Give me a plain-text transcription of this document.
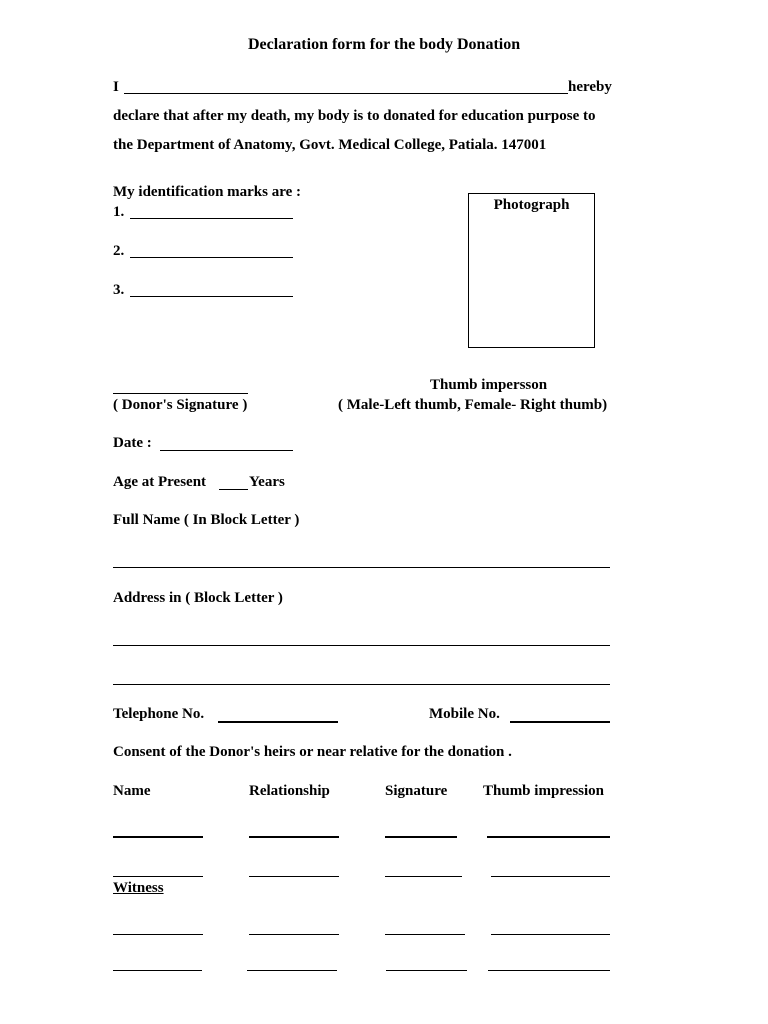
Declaration form for the body Donation
I	hereby
declare that after my death, my body is to donated for education purpose to
the Department of Anatomy, Govt. Medical College, Patiala. 147001
My identification marks are :
1.
2.
3.
Photograph
( Donor's Signature )
Thumb impersson
( Male-Left thumb, Female- Right thumb)
Date :
Age at Present	Years
Full Name ( In Block Letter )
Address in ( Block Letter )
Telephone No.	Mobile No.
Consent of the Donor's heirs or near relative for the donation .
Name	Relationship	Signature Thumb impression
Witness
